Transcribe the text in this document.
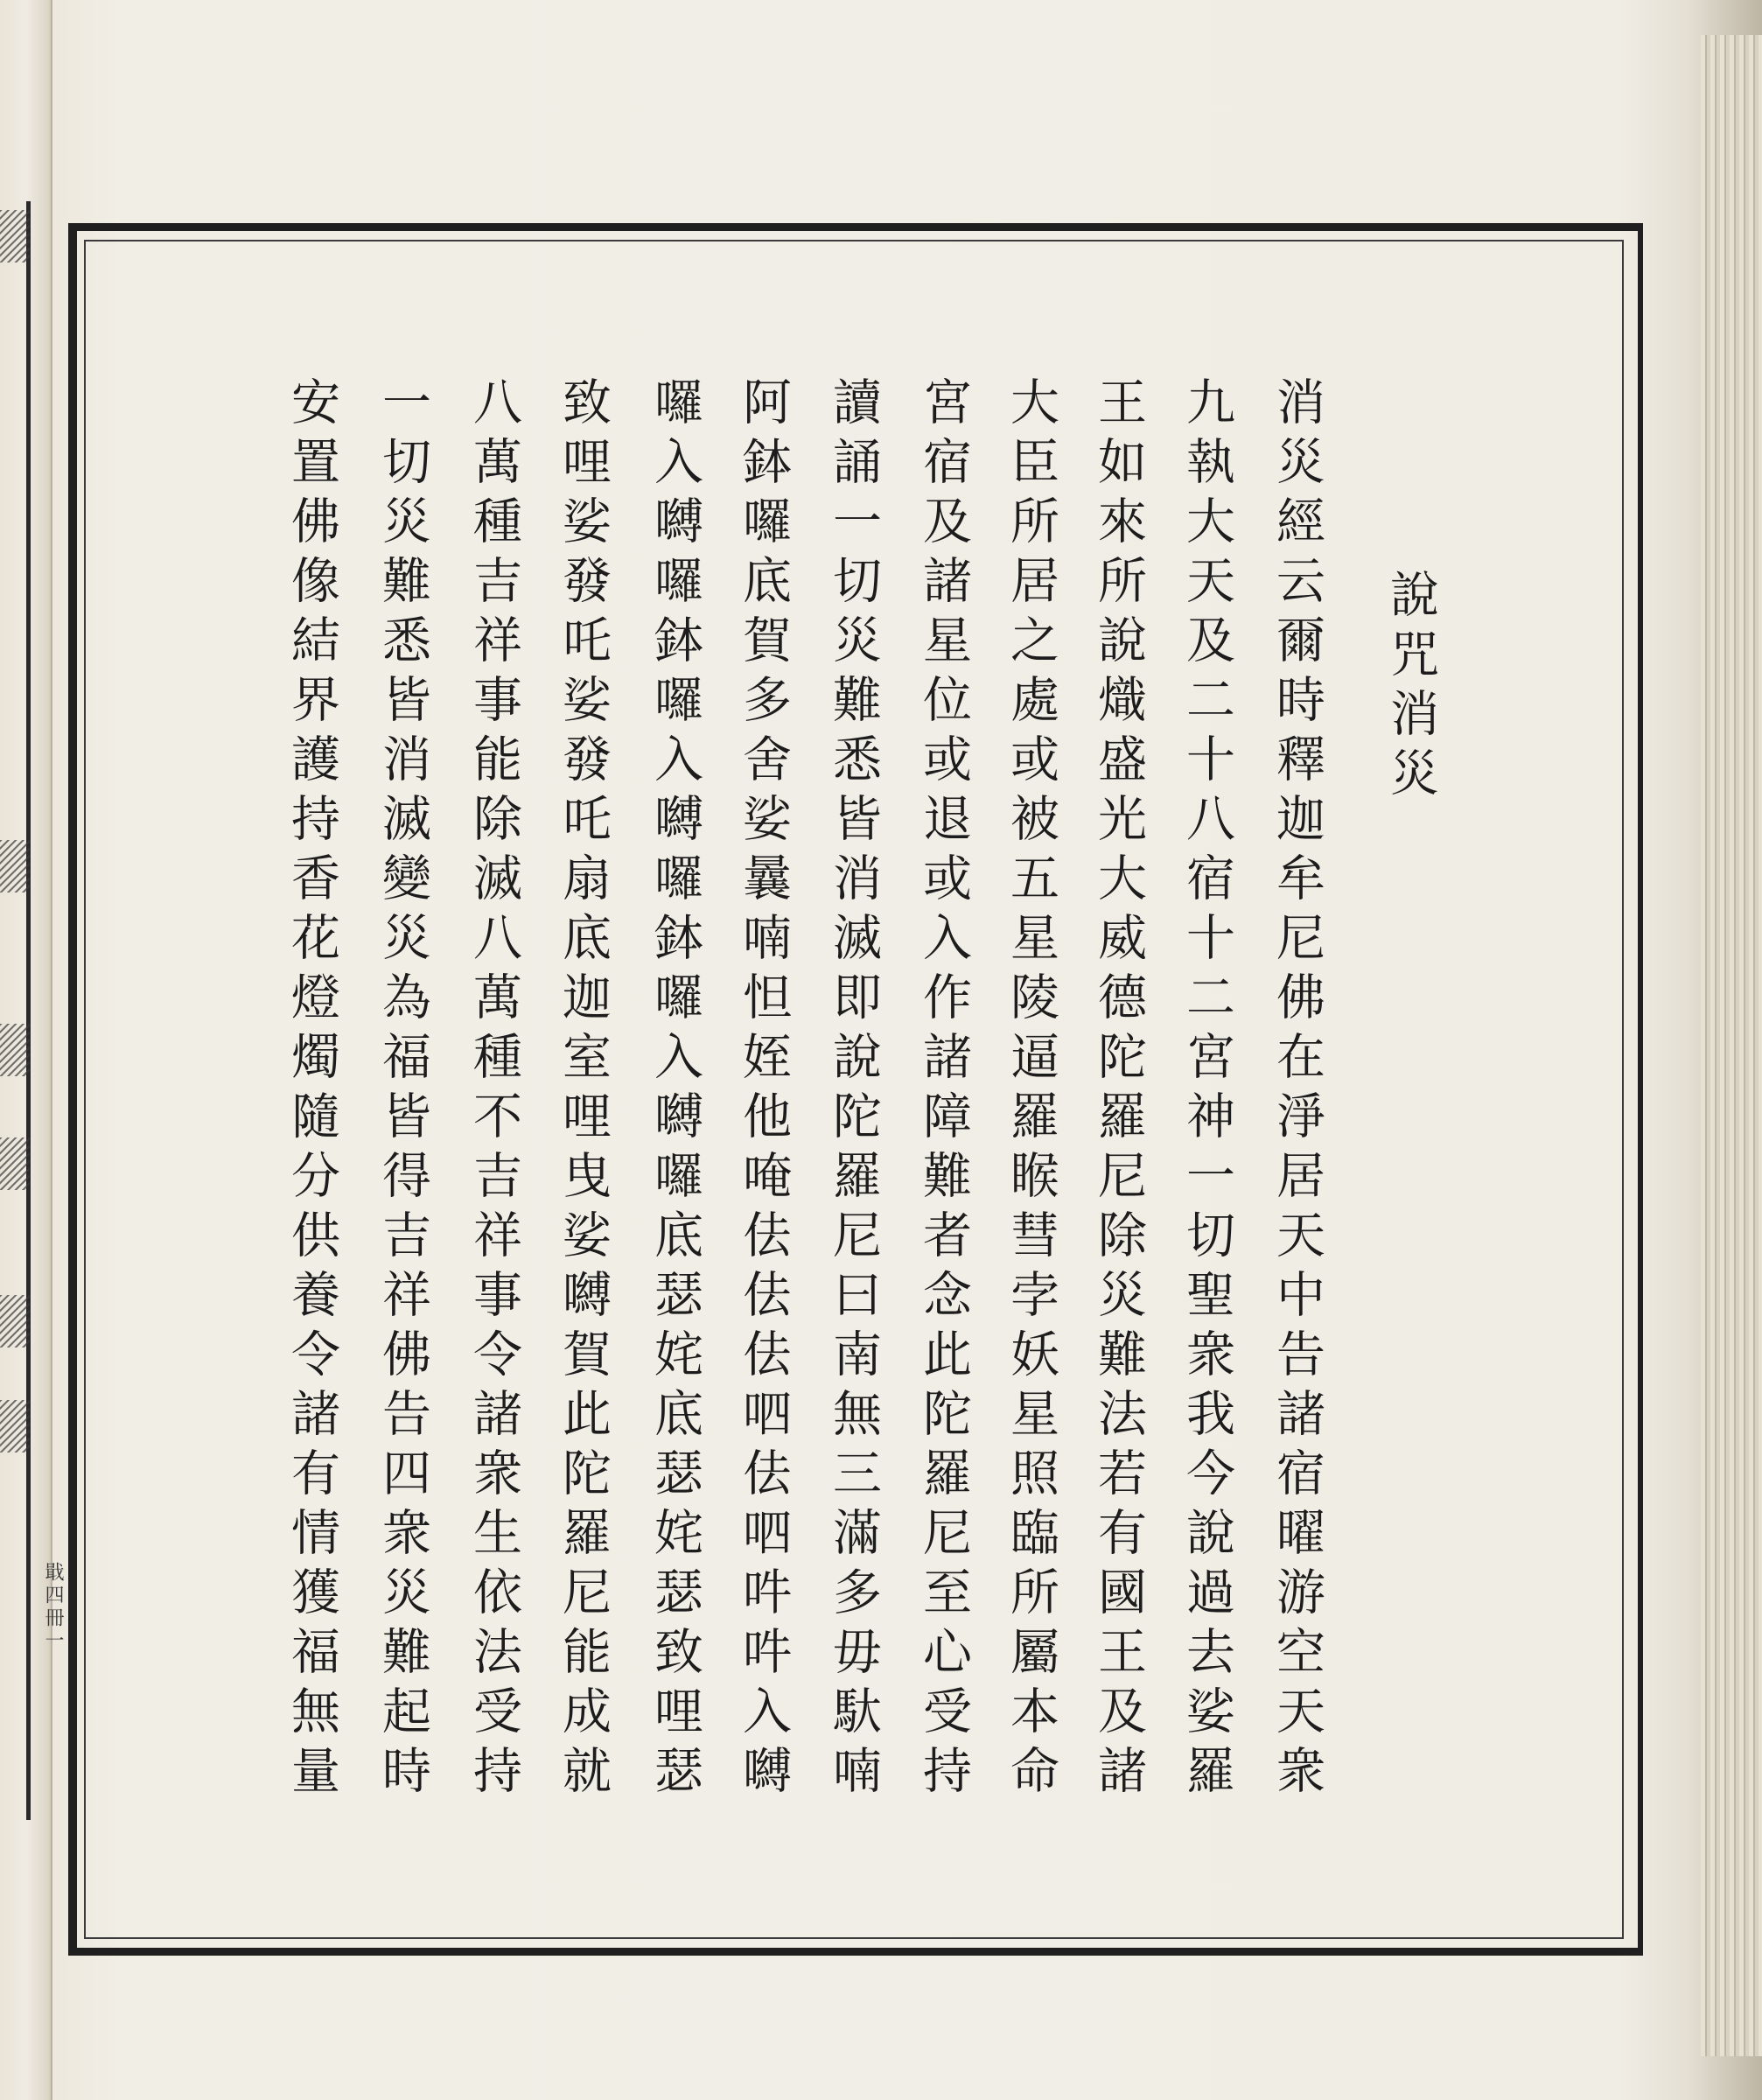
戢四冊一
說咒消災
消災經云爾時釋迦牟尼佛在淨居天中告諸宿曜游空天衆
九執大天及二十八宿十二宮神一切聖衆我今說過去娑羅
王如來所說熾盛光大威德陀羅尼除災難法若有國王及諸
大臣所居之處或被五星陵逼羅睺彗孛妖星照臨所屬本命
宮宿及諸星位或退或入作諸障難者念此陀羅尼至心受持
讀誦一切災難悉皆消滅即說陀羅尼曰南無三滿多毋馱喃
阿鉢囉底賀多舍娑曩喃怛姪他唵佉佉佉呬佉呬吽吽入嚩
囉入嚩囉鉢囉入嚩囉鉢囉入嚩囉底瑟姹底瑟姹瑟致哩瑟
致哩娑發吒娑發吒扇底迦室哩曳娑嚩賀此陀羅尼能成就
八萬種吉祥事能除滅八萬種不吉祥事令諸衆生依法受持
一切災難悉皆消滅變災為福皆得吉祥佛告四衆災難起時
安置佛像結界護持香花燈燭隨分供養令諸有情獲福無量
